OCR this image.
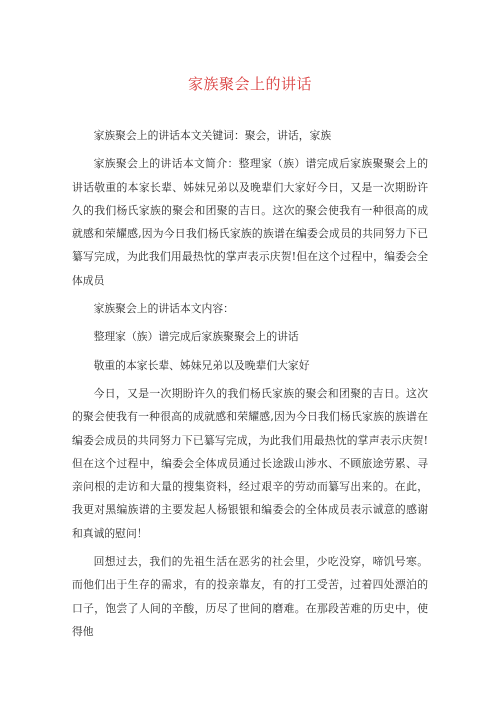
家族聚会上的讲话

家族聚会上的讲话本文关键词：聚会，讲话，家族

家族聚会上的讲话本文简介：整理家（族）谱完成后家族聚聚会上的讲话敬重的本家长辈、姊妹兄弟以及晚辈们大家好今日，又是一次期盼许久的我们杨氏家族的聚会和团聚的吉日。这次的聚会使我有一种很高的成就感和荣耀感,因为今日我们杨氏家族的族谱在编委会成员的共同努力下已纂写完成，为此我们用最热忱的掌声表示庆贺!但在这个过程中，编委会全体成员

家族聚会上的讲话本文内容：

整理家（族）谱完成后家族聚聚会上的讲话

敬重的本家长辈、姊妹兄弟以及晚辈们大家好

今日，又是一次期盼许久的我们杨氏家族的聚会和团聚的吉日。这次的聚会使我有一种很高的成就感和荣耀感,因为今日我们杨氏家族的族谱在编委会成员的共同努力下已纂写完成，为此我们用最热忱的掌声表示庆贺!但在这个过程中，编委会全体成员通过长途跋山涉水、不顾旅途劳累、寻亲问根的走访和大量的搜集资料，经过艰辛的劳动而纂写出来的。在此，我更对黑编族谱的主要发起人杨银银和编委会的全体成员表示诚意的感谢和真诚的慰问！

回想过去，我们的先祖生活在恶劣的社会里，少吃没穿，啼饥号寒。而他们出于生存的需求，有的投亲靠友，有的打工受苦，过着四处漂泊的口子，饱尝了人间的辛酸，历尽了世间的磨难。在那段苦难的历史中，使得他
